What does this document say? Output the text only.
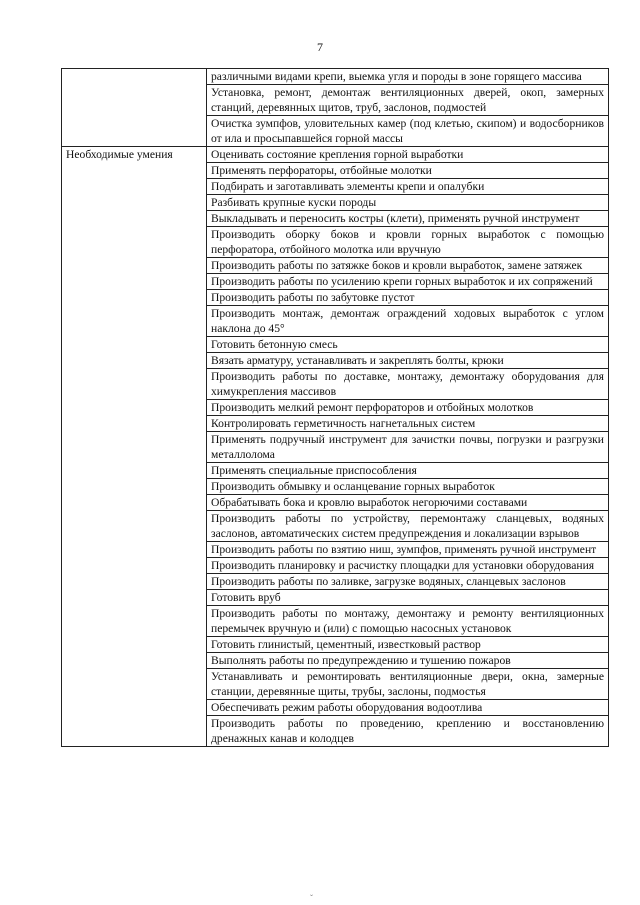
7
	различными видами крепи, выемка угля и породы в зоне горящего массива
	Установка, ремонт, демонтаж вентиляционных дверей, окоп, замерных станций, деревянных щитов, труб, заслонов, подмостей
	Очистка зумпфов, уловительных камер (под клетью, скипом) и водосборников от ила и просыпавшейся горной массы
Необходимые умения	Оценивать состояние крепления горной выработки
	Применять перфораторы, отбойные молотки
	Подбирать и заготавливать элементы крепи и опалубки
	Разбивать крупные куски породы
	Выкладывать и переносить костры (клети), применять ручной инструмент
	Производить оборку боков и кровли горных выработок с помощью перфоратора, отбойного молотка или вручную
	Производить работы по затяжке боков и кровли выработок, замене затяжек
	Производить работы по усилению крепи горных выработок и их сопряжений
	Производить работы по забутовке пустот
	Производить монтаж, демонтаж ограждений ходовых выработок с углом наклона до 45°
	Готовить бетонную смесь
	Вязать арматуру, устанавливать и закреплять болты, крюки
	Производить работы по доставке, монтажу, демонтажу оборудования для химукрепления массивов
	Производить мелкий ремонт перфораторов и отбойных молотков
	Контролировать герметичность нагнетальных систем
	Применять подручный инструмент для зачистки почвы, погрузки и разгрузки металлолома
	Применять специальные приспособления
	Производить обмывку и осланцевание горных выработок
	Обрабатывать бока и кровлю выработок негорючими составами
	Производить работы по устройству, перемонтажу сланцевых, водяных заслонов, автоматических систем предупреждения и локализации взрывов
	Производить работы по взятию ниш, зумпфов, применять ручной инструмент
	Производить планировку и расчистку площадки для установки оборудования
	Производить работы по заливке, загрузке водяных, сланцевых заслонов
	Готовить вруб
	Производить работы по монтажу, демонтажу и ремонту вентиляционных перемычек вручную и (или) с помощью насосных установок
	Готовить глинистый, цементный, известковый раствор
	Выполнять работы по предупреждению и тушению пожаров
	Устанавливать и ремонтировать вентиляционные двери, окна, замерные станции, деревянные щиты, трубы, заслоны, подмостья
	Обеспечивать режим работы оборудования водоотлива
	Производить работы по проведению, креплению и восстановлению дренажных канав и колодцев
ˇ
